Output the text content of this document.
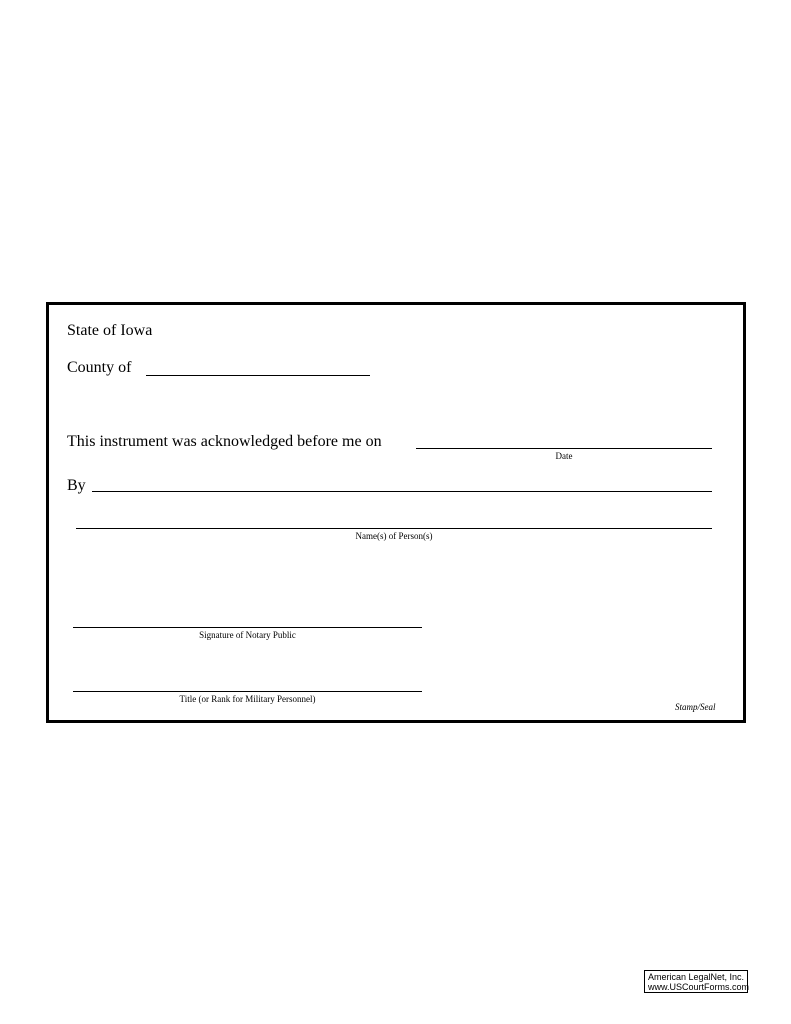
State of Iowa
County of
This instrument was acknowledged before me on
Date
By
Name(s) of Person(s)
Signature of Notary Public
Title (or Rank for Military Personnel)
Stamp/Seal
American LegalNet, Inc.
www.USCourtForms.com
